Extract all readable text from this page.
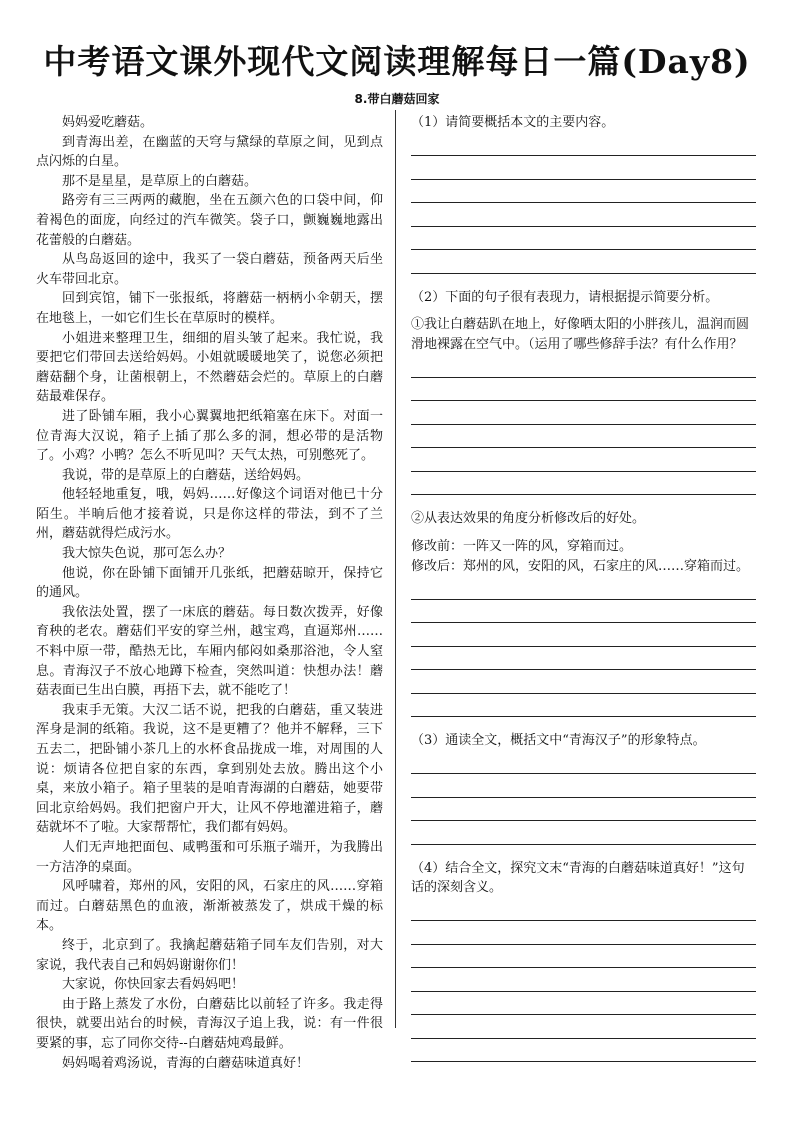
中考语文课外现代文阅读理解每日一篇(Day8)

8.带白蘑菇回家

妈妈爱吃蘑菇。

到青海出差，在幽蓝的天穹与黛绿的草原之间，见到点点闪烁的白星。

那不是星星，是草原上的白蘑菇。

路旁有三三两两的藏胞，坐在五颜六色的口袋中间，仰着褐色的面庞，向经过的汽车微笑。袋子口，颤巍巍地露出花蕾般的白蘑菇。

从鸟岛返回的途中，我买了一袋白蘑菇，预备两天后坐火车带回北京。

回到宾馆，铺下一张报纸，将蘑菇一柄柄小伞朝天，摆在地毯上，一如它们生长在草原时的模样。

小姐进来整理卫生，细细的眉头皱了起来。我忙说，我要把它们带回去送给妈妈。小姐就暖暖地笑了，说您必须把蘑菇翻个身，让菌根朝上，不然蘑菇会烂的。草原上的白蘑菇最难保存。

进了卧铺车厢，我小心翼翼地把纸箱塞在床下。对面一位青海大汉说，箱子上插了那么多的洞，想必带的是活物了。小鸡？小鸭？怎么不听见叫？天气太热，可别憋死了。

我说，带的是草原上的白蘑菇，送给妈妈。

他轻轻地重复，哦，妈妈……好像这个词语对他已十分陌生。半晌后他才接着说，只是你这样的带法，到不了兰州，蘑菇就得烂成污水。

我大惊失色说，那可怎么办？

他说，你在卧铺下面铺开几张纸，把蘑菇晾开，保持它的通风。

我依法处置，摆了一床底的蘑菇。每日数次拨弄，好像育秧的老农。蘑菇们平安的穿兰州，越宝鸡，直逼郑州……不料中原一带，酷热无比，车厢内郁闷如桑那浴池，令人窒息。青海汉子不放心地蹲下检查，突然叫道：快想办法！蘑菇表面已生出白膜，再捂下去，就不能吃了！

我束手无策。大汉二话不说，把我的白蘑菇，重又装进浑身是洞的纸箱。我说，这不是更糟了？他并不解释，三下五去二，把卧铺小茶几上的水杯食品拢成一堆，对周围的人说：烦请各位把自家的东西，拿到别处去放。腾出这个小桌，来放小箱子。箱子里装的是咱青海湖的白蘑菇，她要带回北京给妈妈。我们把窗户开大，让风不停地灌进箱子，蘑菇就坏不了啦。大家帮帮忙，我们都有妈妈。

人们无声地把面包、咸鸭蛋和可乐瓶子端开，为我腾出一方洁净的桌面。

风呼啸着，郑州的风，安阳的风，石家庄的风……穿箱而过。白蘑菇黑色的血液，渐渐被蒸发了，烘成干燥的标本。

终于，北京到了。我擒起蘑菇箱子同车友们告别，对大家说，我代表自己和妈妈谢谢你们！

大家说，你快回家去看妈妈吧！

由于路上蒸发了水份，白蘑菇比以前轻了许多。我走得很快，就要出站台的时候，青海汉子追上我，说：有一件很要紧的事，忘了同你交待--白蘑菇炖鸡最鲜。

妈妈喝着鸡汤说，青海的白蘑菇味道真好！

（1）请简要概括本文的主要内容。

（2）下面的句子很有表现力，请根据提示简要分析。

①我让白蘑菇趴在地上，好像晒太阳的小胖孩儿，温润而圆滑地裸露在空气中。（运用了哪些修辞手法？有什么作用？

②从表达效果的角度分析修改后的好处。

修改前：一阵又一阵的风，穿箱而过。

修改后：郑州的风，安阳的风，石家庄的风……穿箱而过。

（3）通读全文，概括文中“青海汉子”的形象特点。

（4）结合全文，探究文末“青海的白蘑菇味道真好！”这句话的深刻含义。
